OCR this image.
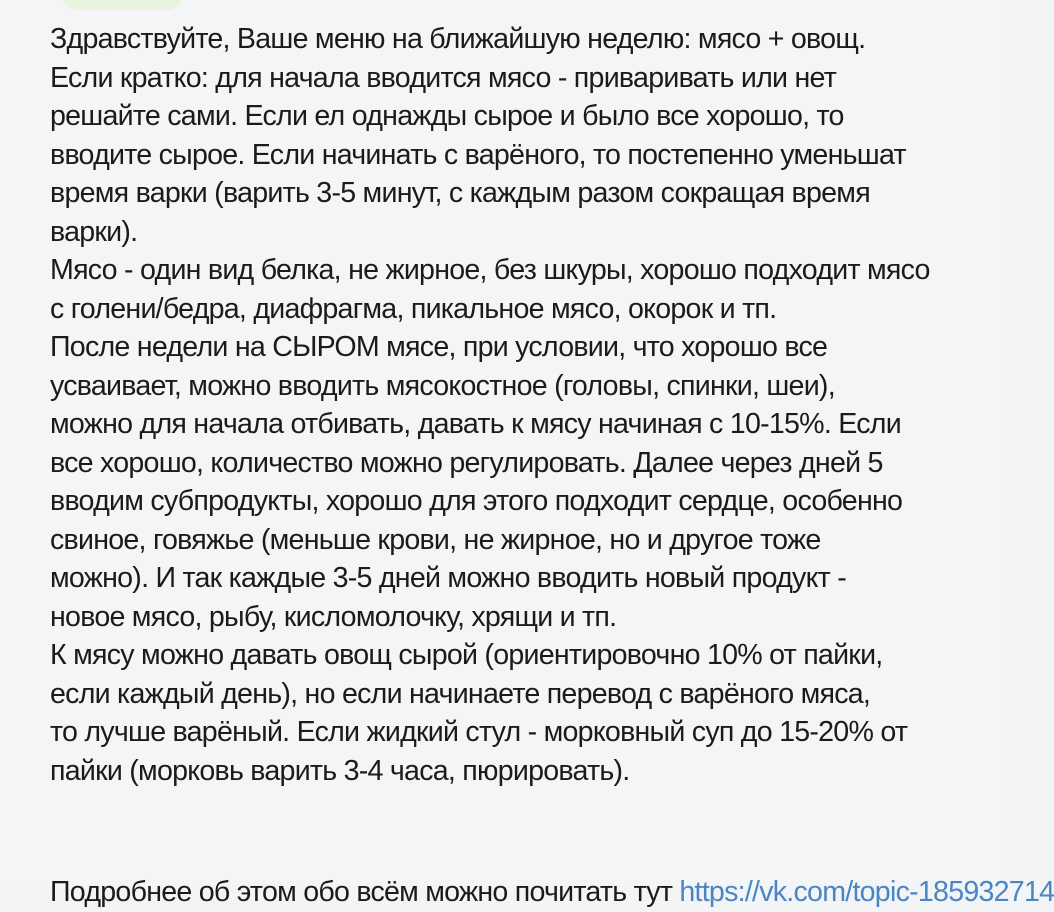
Здравствуйте, Ваше меню на ближайшую неделю: мясо + овощ.
Если кратко: для начала вводится мясо - приваривать или нет
решайте сами. Если ел однажды сырое и было все хорошо, то
вводите сырое. Если начинать с варёного, то постепенно уменьшат
время варки (варить 3-5 минут, с каждым разом сокращая время
варки).
Мясо - один вид белка, не жирное, без шкуры, хорошо подходит мясо
с голени/бедра, диафрагма, пикальное мясо, окорок и тп.
После недели на СЫРОМ мясе, при условии, что хорошо все
усваивает, можно вводить мясокостное (головы, спинки, шеи),
можно для начала отбивать, давать к мясу начиная с 10-15%. Если
все хорошо, количество можно регулировать. Далее через дней 5
вводим субпродукты, хорошо для этого подходит сердце, особенно
свиное, говяжье (меньше крови, не жирное, но и другое тоже
можно). И так каждые 3-5 дней можно вводить новый продукт -
новое мясо, рыбу, кисломолочку, хрящи и тп.
К мясу можно давать овощ сырой (ориентировочно 10% от пайки,
если каждый день), но если начинаете перевод с варёного мяса,
то лучше варёный. Если жидкий стул - морковный суп до 15-20% от
пайки (морковь варить 3-4 часа, пюрировать).
Подробнее об этом обо всём можно почитать тут https://vk.com/topic-185932714
